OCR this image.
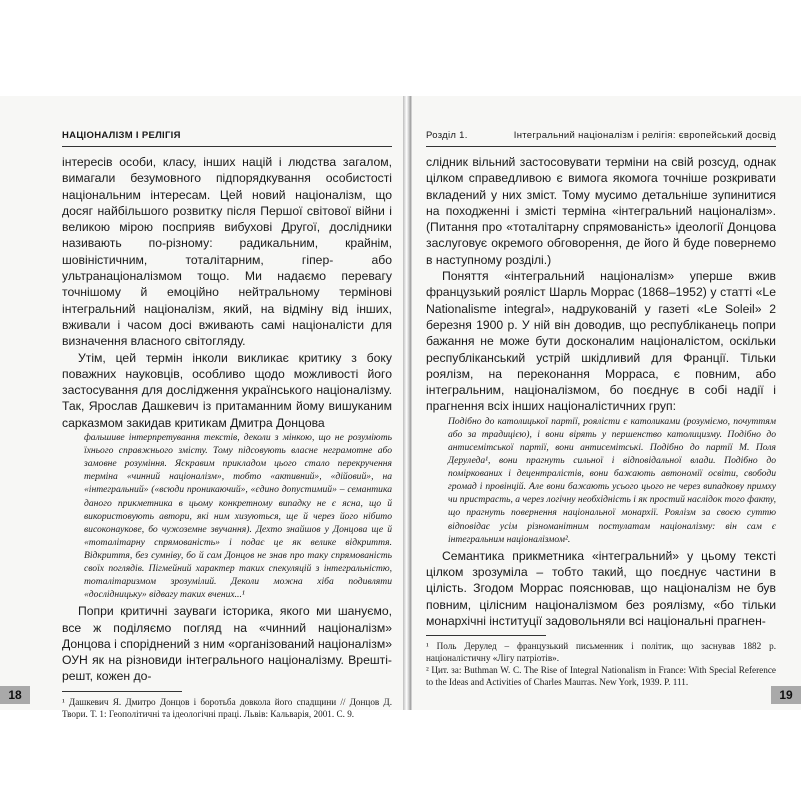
НАЦІОНАЛІЗМ І РЕЛІГІЯ

інтересів особи, класу, інших націй і людства загалом, вимагали безумовного підпорядкування особистості національним інтересам. Цей новий націоналізм, що досяг найбільшого розвитку після Першої світової війни і великою мірою посприяв вибухові Другої, дослідники називають по-різному: радикальним, крайнім, шовіністичним, тоталітарним, гіпер- або ультранаціоналізмом тощо. Ми надаємо перевагу точнішому й емоційно нейтральному термінові інтегральний націоналізм, який, на відміну від інших, вживали і часом досі вживають самі націоналісти для визначення власного світогляду.

Утім, цей термін інколи викликає критику з боку поважних науковців, особливо щодо можливості його застосування для дослідження українського націоналізму. Так, Ярослав Дашкевич із притаманним йому вишуканим сарказмом закидав критикам Дмитра Донцова

фальшиве інтерпретування текстів, деколи з мінкою, що не розуміють їхнього справжнього змісту. Тому підсовують власне неграмотне або замовне розуміння. Яскравим прикладом цього стало перекручення терміна «чинний націоналізм», тобто «активний», «дійовий», на «інтегральний» («всюди проникаючий», «єдино допустимий» – семантика даного прикметника в цьому конкретному випадку не є ясна, що й використовують автори, які ним хизуються, ще й через його нібито високонаукове, бо чужоземне звучання). Дехто знайшов у Донцова ще й «тоталітарну спрямованість» і подає це як велике відкриття. Відкриття, без сумніву, бо й сам Донцов не знав про таку спрямованість своїх поглядів. Пігмейний характер таких спекуляцій з інтегральністю, тоталітаризмом зрозумілий. Деколи можна хіба подивляти «дослідницьку» відвагу таких вчених...¹

Попри критичні зауваги історика, якого ми шануємо, все ж поділяємо погляд на «чинний націоналізм» Донцова і споріднений з ним «організований націоналізм» ОУН як на різновиди інтегрального націоналізму. Врешті-решт, кожен до-

¹ Дашкевич Я. Дмитро Донцов і боротьба довкола його спадщини // Донцов Д. Твори. Т. 1: Геополітичні та ідеологічні праці. Львів: Кальварія, 2001. С. 9.

18
Розділ 1.	Інтегральний націоналізм і релігія: європейський досвід

слідник вільний застосовувати терміни на свій розсуд, однак цілком справедливою є вимога якомога точніше розкривати вкладений у них зміст. Тому мусимо детальніше зупинитися на походженні і змісті терміна «інтегральний націоналізм». (Питання про «тоталітарну спрямованість» ідеології Донцова заслуговує окремого обговорення, де його й буде повернемо в наступному розділі.)

Поняття «інтегральний націоналізм» уперше вжив французький рояліст Шарль Моррас (1868–1952) у статті «Le Nationalisme integral», надрукованій у газеті «Le Soleil» 2 березня 1900 р. У ній він доводив, що республіканець попри бажання не може бути досконалим націоналістом, оскільки республіканський устрій шкідливий для Франції. Тільки роялізм, на переконання Морраса, є повним, або інтегральним, націоналізмом, бо поєднує в собі надії і прагнення всіх інших націоналістичних груп:

Подібно до католицької партії, роялісти є католиками (розуміємо, почуттям або за традицією), і вони вірять у першенство католицизму. Подібно до антисемітської партії, вони антисемітські. Подібно до партії М. Поля Деруледа¹, вони прагнуть сильної і відповідальної влади. Подібно до поміркованих і децентралістів, вони бажають автономії освіти, свободи громад і провінцій. Але вони бажають усього цього не через випадкову примху чи пристрасть, а через логічну необхідність і як простий наслідок того факту, що прагнуть повернення національної монархії. Роялізм за своєю суттю відповідає усім різноманітним постулатам націоналізму: він сам є інтегральним націоналізмом².

Семантика прикметника «інтегральний» у цьому тексті цілком зрозуміла – тобто такий, що поєднує частини в цілість. Згодом Моррас пояснював, що націоналізм не був повним, цілісним націоналізмом без роялізму, «бо тільки монархічні інституції задовольняли всі національні прагнен-

¹ Поль Дерулед – французький письменник і політик, що заснував 1882 р. націоналістичну «Лігу патріотів».

² Цит. за: Buthman W. C. The Rise of Integral Nationalism in France: With Special Reference to the Ideas and Activities of Charles Maurras. New York, 1939. P. 111.

19
